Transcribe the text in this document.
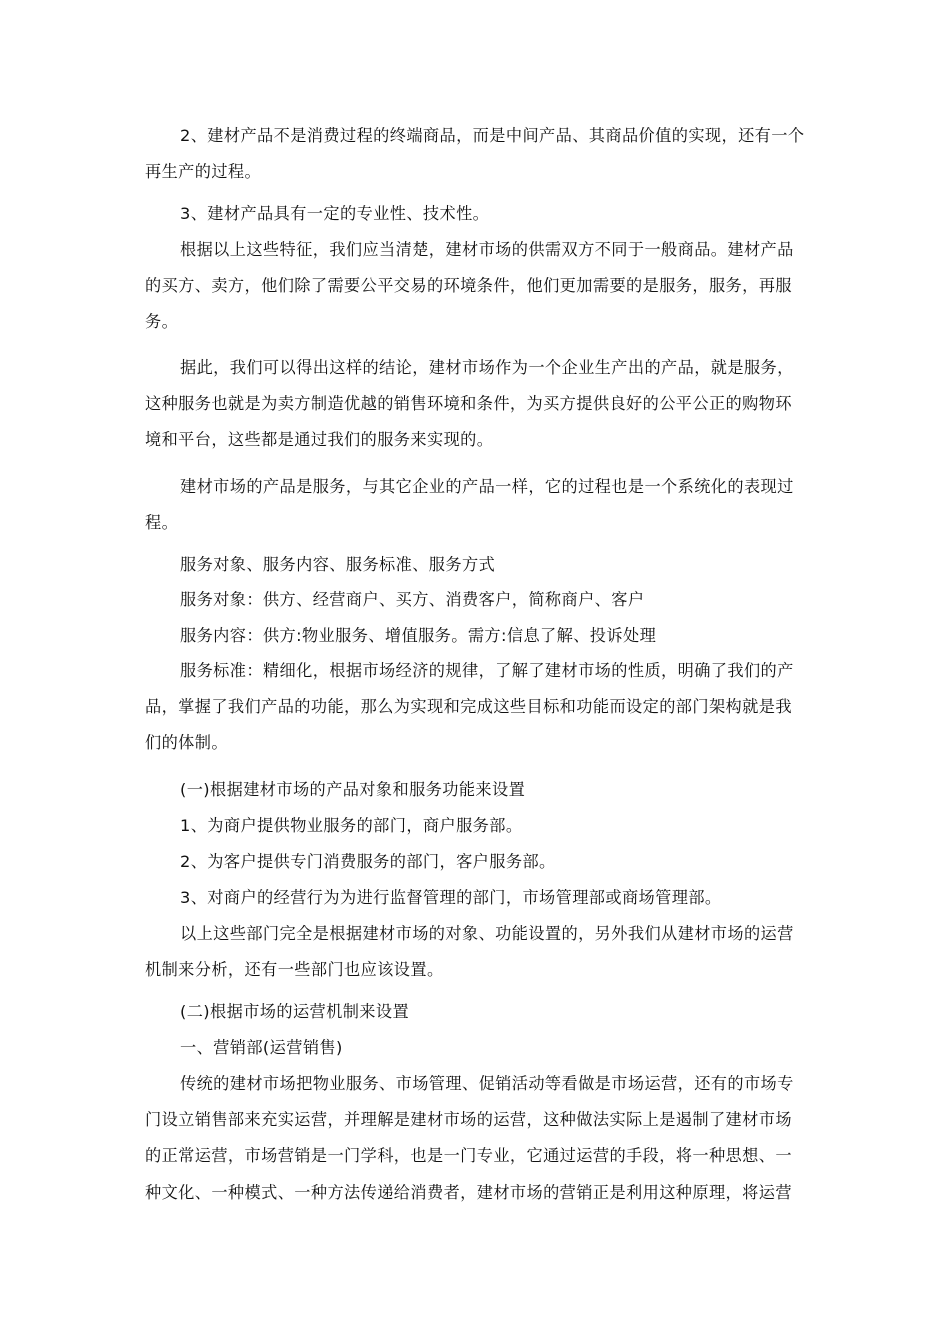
2、建材产品不是消费过程的终端商品，而是中间产品、其商品价值的实现，还有一个再生产的过程。

3、建材产品具有一定的专业性、技术性。

根据以上这些特征，我们应当清楚，建材市场的供需双方不同于一般商品。建材产品的买方、卖方，他们除了需要公平交易的环境条件，他们更加需要的是服务，服务，再服务。

据此，我们可以得出这样的结论，建材市场作为一个企业生产出的产品，就是服务，这种服务也就是为卖方制造优越的销售环境和条件，为买方提供良好的公平公正的购物环境和平台，这些都是通过我们的服务来实现的。

建材市场的产品是服务，与其它企业的产品一样，它的过程也是一个系统化的表现过程。

服务对象、服务内容、服务标准、服务方式

服务对象：供方、经营商户、买方、消费客户，简称商户、客户

服务内容：供方:物业服务、增值服务。需方:信息了解、投诉处理

服务标准：精细化，根据市场经济的规律，了解了建材市场的性质，明确了我们的产品，掌握了我们产品的功能，那么为实现和完成这些目标和功能而设定的部门架构就是我们的体制。

(一)根据建材市场的产品对象和服务功能来设置

1、为商户提供物业服务的部门，商户服务部。

2、为客户提供专门消费服务的部门，客户服务部。

3、对商户的经营行为为进行监督管理的部门，市场管理部或商场管理部。

以上这些部门完全是根据建材市场的对象、功能设置的，另外我们从建材市场的运营机制来分析，还有一些部门也应该设置。

(二)根据市场的运营机制来设置

一、营销部(运营销售)

传统的建材市场把物业服务、市场管理、促销活动等看做是市场运营，还有的市场专门设立销售部来充实运营，并理解是建材市场的运营，这种做法实际上是遏制了建材市场的正常运营，市场营销是一门学科，也是一门专业，它通过运营的手段，将一种思想、一种文化、一种模式、一种方法传递给消费者，建材市场的营销正是利用这种原理，将运营
